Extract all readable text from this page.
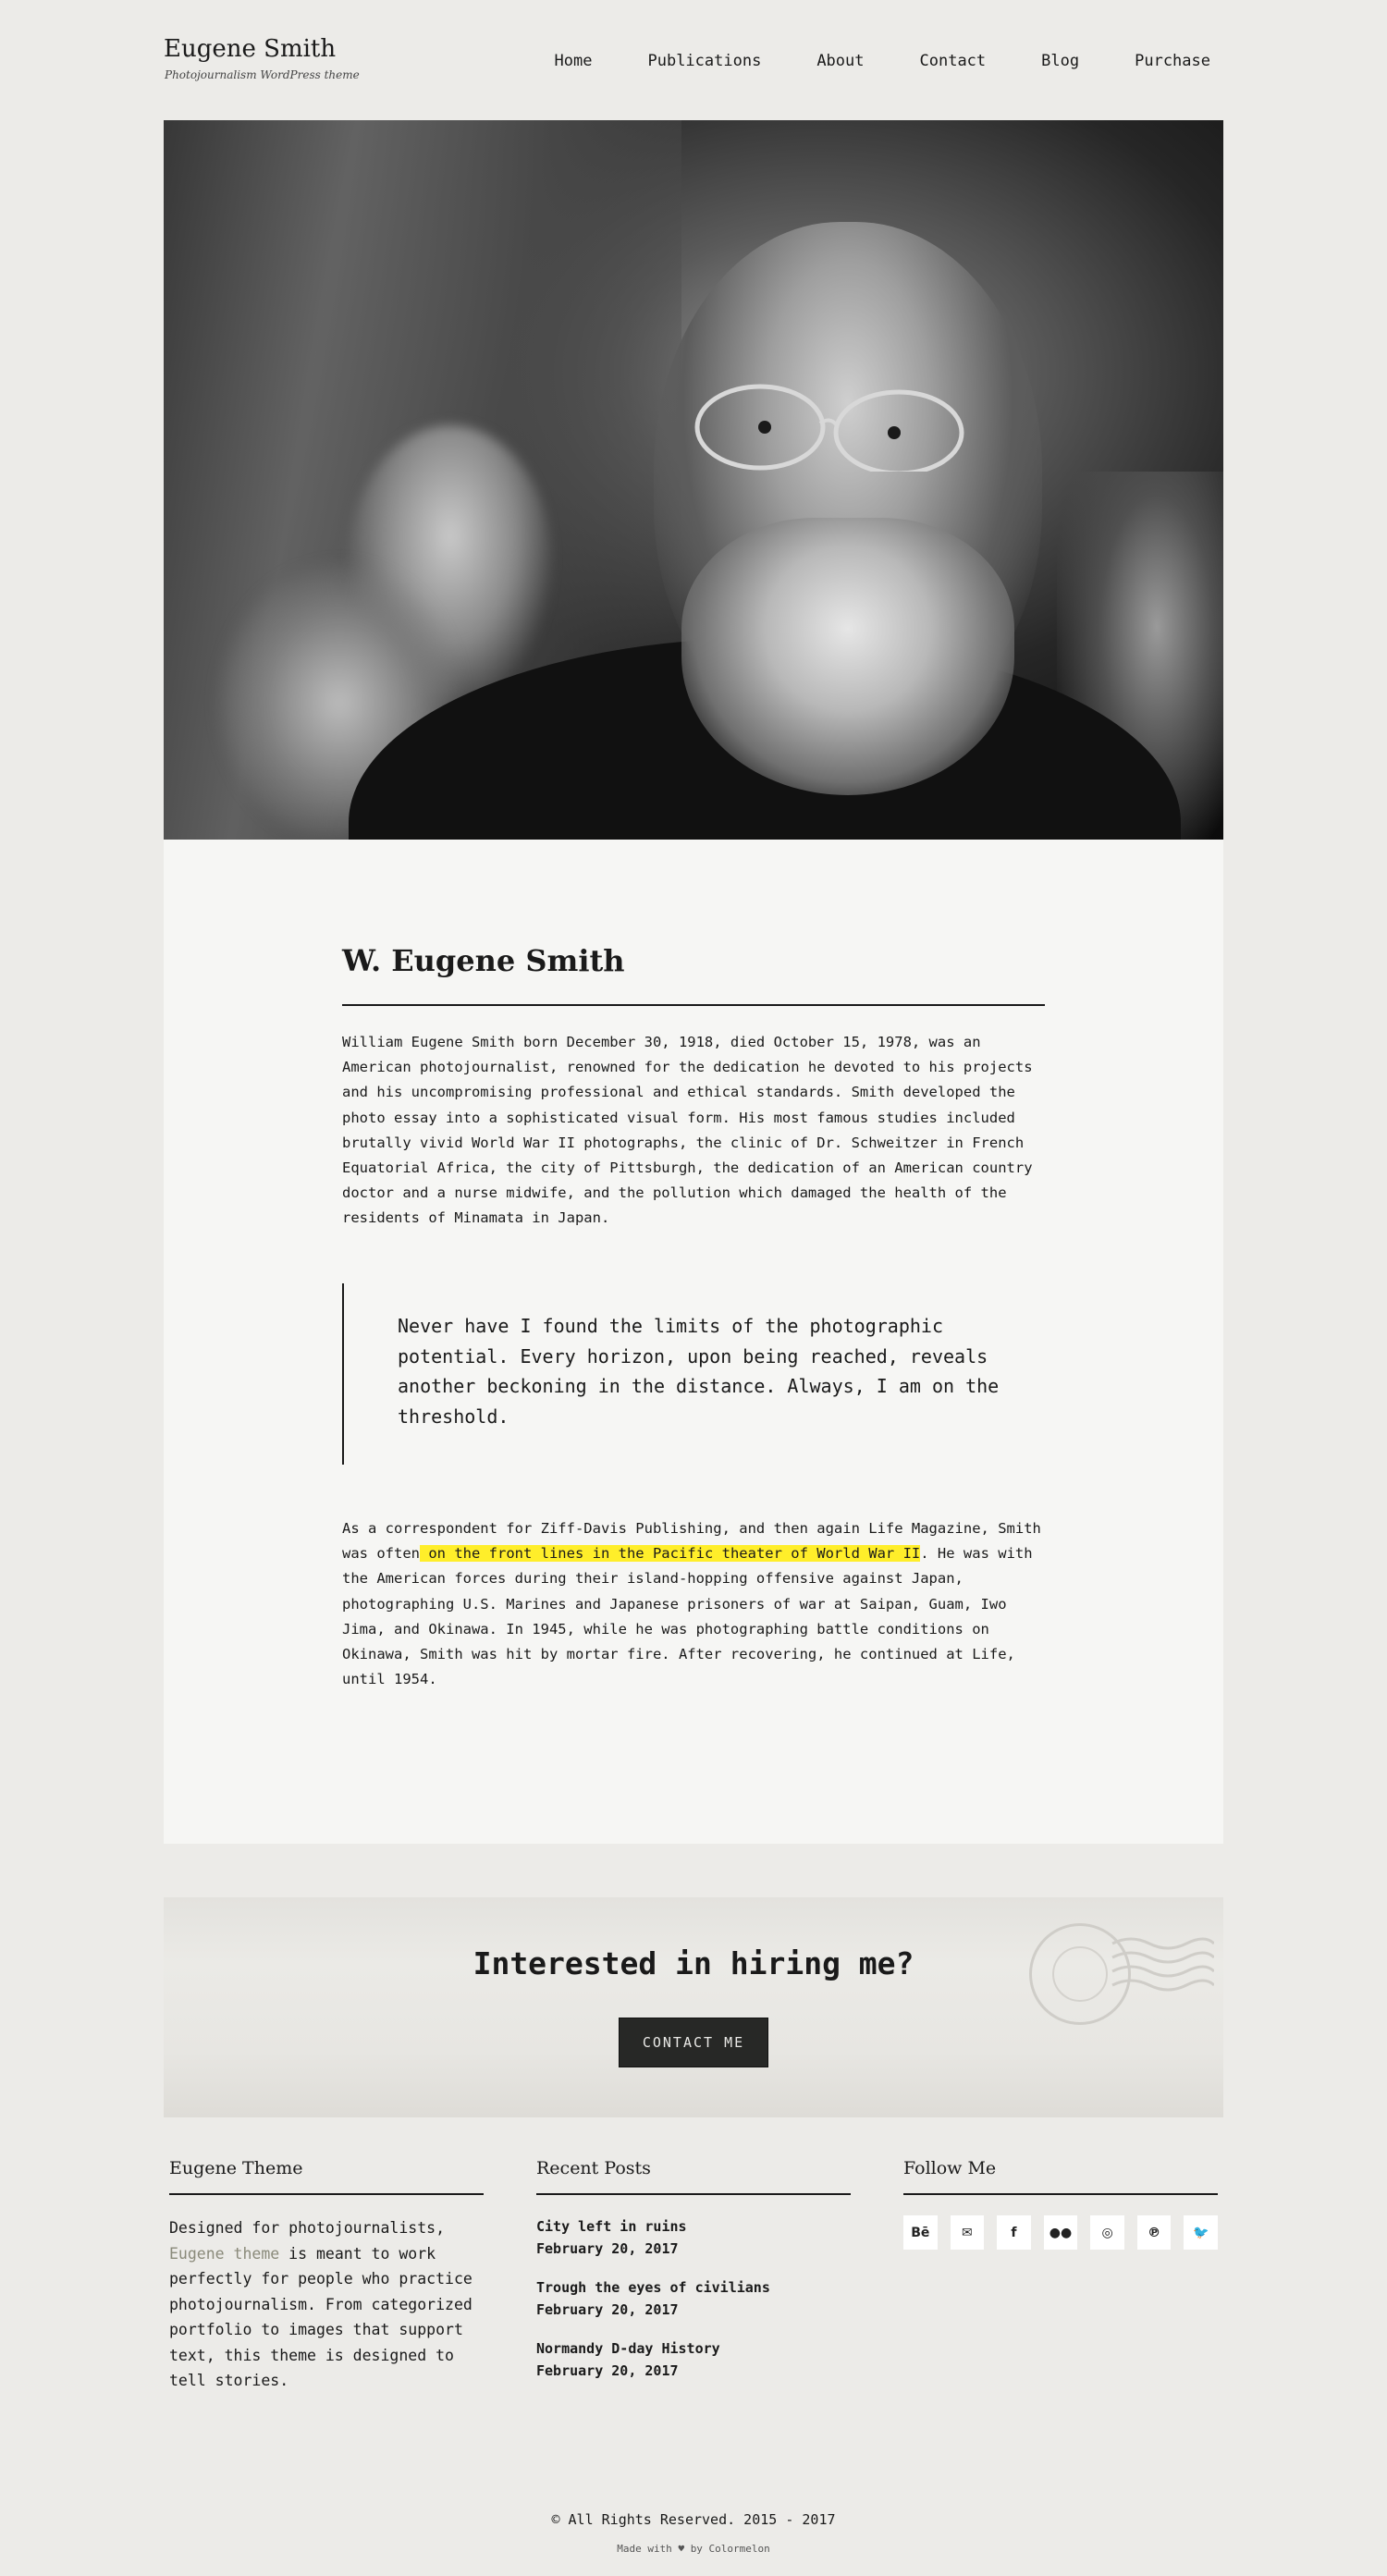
Eugene Smith
Photojournalism WordPress theme
Home	Publications	About	Contact	Blog	Purchase
W. Eugene Smith

William Eugene Smith born December 30, 1918, died October 15, 1978, was an American photojournalist, renowned for the dedication he devoted to his projects and his uncompromising professional and ethical standards. Smith developed the photo essay into a sophisticated visual form. His most famous studies included brutally vivid World War II photographs, the clinic of Dr. Schweitzer in French Equatorial Africa, the city of Pittsburgh, the dedication of an American country doctor and a nurse midwife, and the pollution which damaged the health of the residents of Minamata in Japan.

Never have I found the limits of the photographic potential. Every horizon, upon being reached, reveals another beckoning in the distance. Always, I am on the threshold.

As a correspondent for Ziff-Davis Publishing, and then again Life Magazine, Smith was often on the front lines in the Pacific theater of World War II. He was with the American forces during their island-hopping offensive against Japan, photographing U.S. Marines and Japanese prisoners of war at Saipan, Guam, Iwo Jima, and Okinawa. In 1945, while he was photographing battle conditions on Okinawa, Smith was hit by mortar fire. After recovering, he continued at Life, until 1954.

Interested in hiring me?
CONTACT ME
Eugene Theme

Designed for photojournalists, Eugene theme is meant to work perfectly for people who practice photojournalism. From categorized portfolio to images that support text, this theme is designed to tell stories.

Recent Posts
City left in ruins
February 20, 2017
Trough the eyes of civilians
February 20, 2017
Normandy D-day History
February 20, 2017
Follow Me
Bē	✉	f	●●	◎	℗	🐦
© All Rights Reserved. 2015 - 2017
Made with ♥ by Colormelon
